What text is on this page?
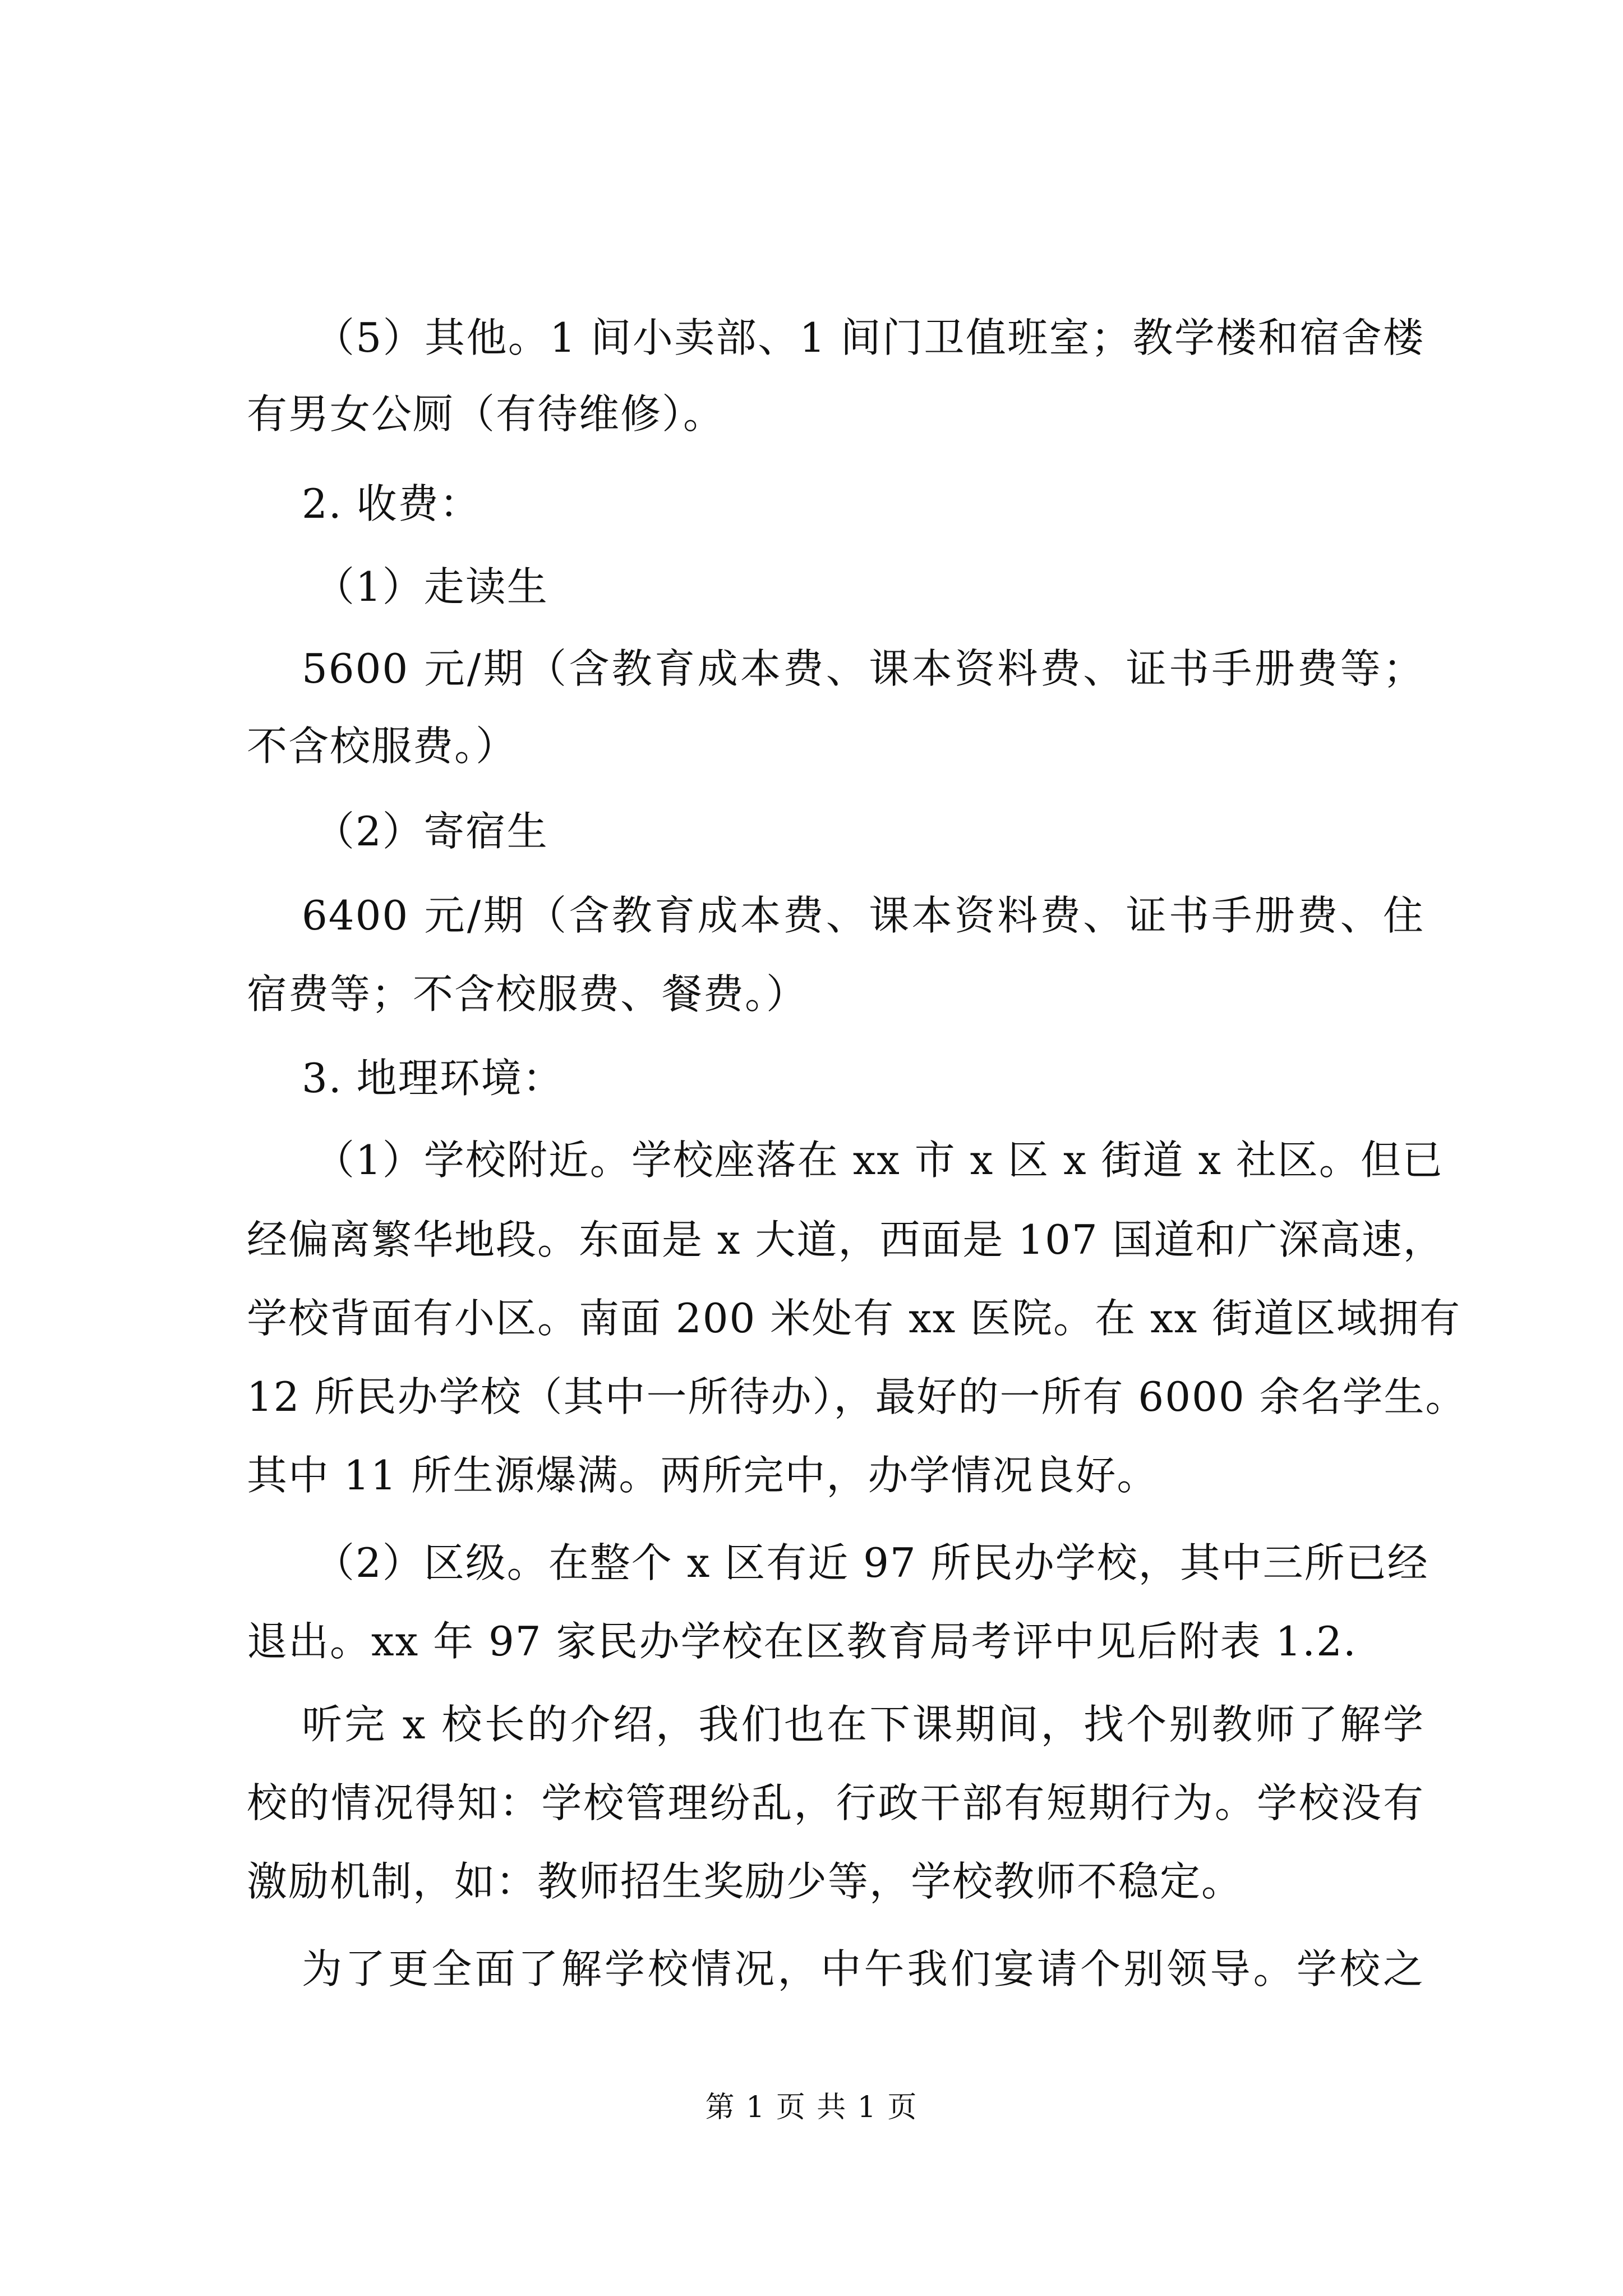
（5）其他。1 间小卖部、1 间门卫值班室；教学楼和宿舍楼
有男女公厕（有待维修）。
2. 收费：
（1）走读生
5600 元/期（含教育成本费、课本资料费、证书手册费等；
不含校服费。）
（2）寄宿生
6400 元/期（含教育成本费、课本资料费、证书手册费、住
宿费等；不含校服费、餐费。）
3. 地理环境：
（1）学校附近。学校座落在 xx 市 x 区 x 街道 x 社区。但已
经偏离繁华地段。东面是 x 大道，西面是 107 国道和广深高速，
学校背面有小区。南面 200 米处有 xx 医院。在 xx 街道区域拥有
12 所民办学校（其中一所待办），最好的一所有 6000 余名学生。
其中 11 所生源爆满。两所完中，办学情况良好。
（2）区级。在整个 x 区有近 97 所民办学校，其中三所已经
退出。xx 年 97 家民办学校在区教育局考评中见后附表 1.2.
听完 x 校长的介绍，我们也在下课期间，找个别教师了解学
校的情况得知：学校管理纷乱，行政干部有短期行为。学校没有
激励机制，如：教师招生奖励少等，学校教师不稳定。
为了更全面了解学校情况，中午我们宴请个别领导。学校之
第 1 页 共 1 页
